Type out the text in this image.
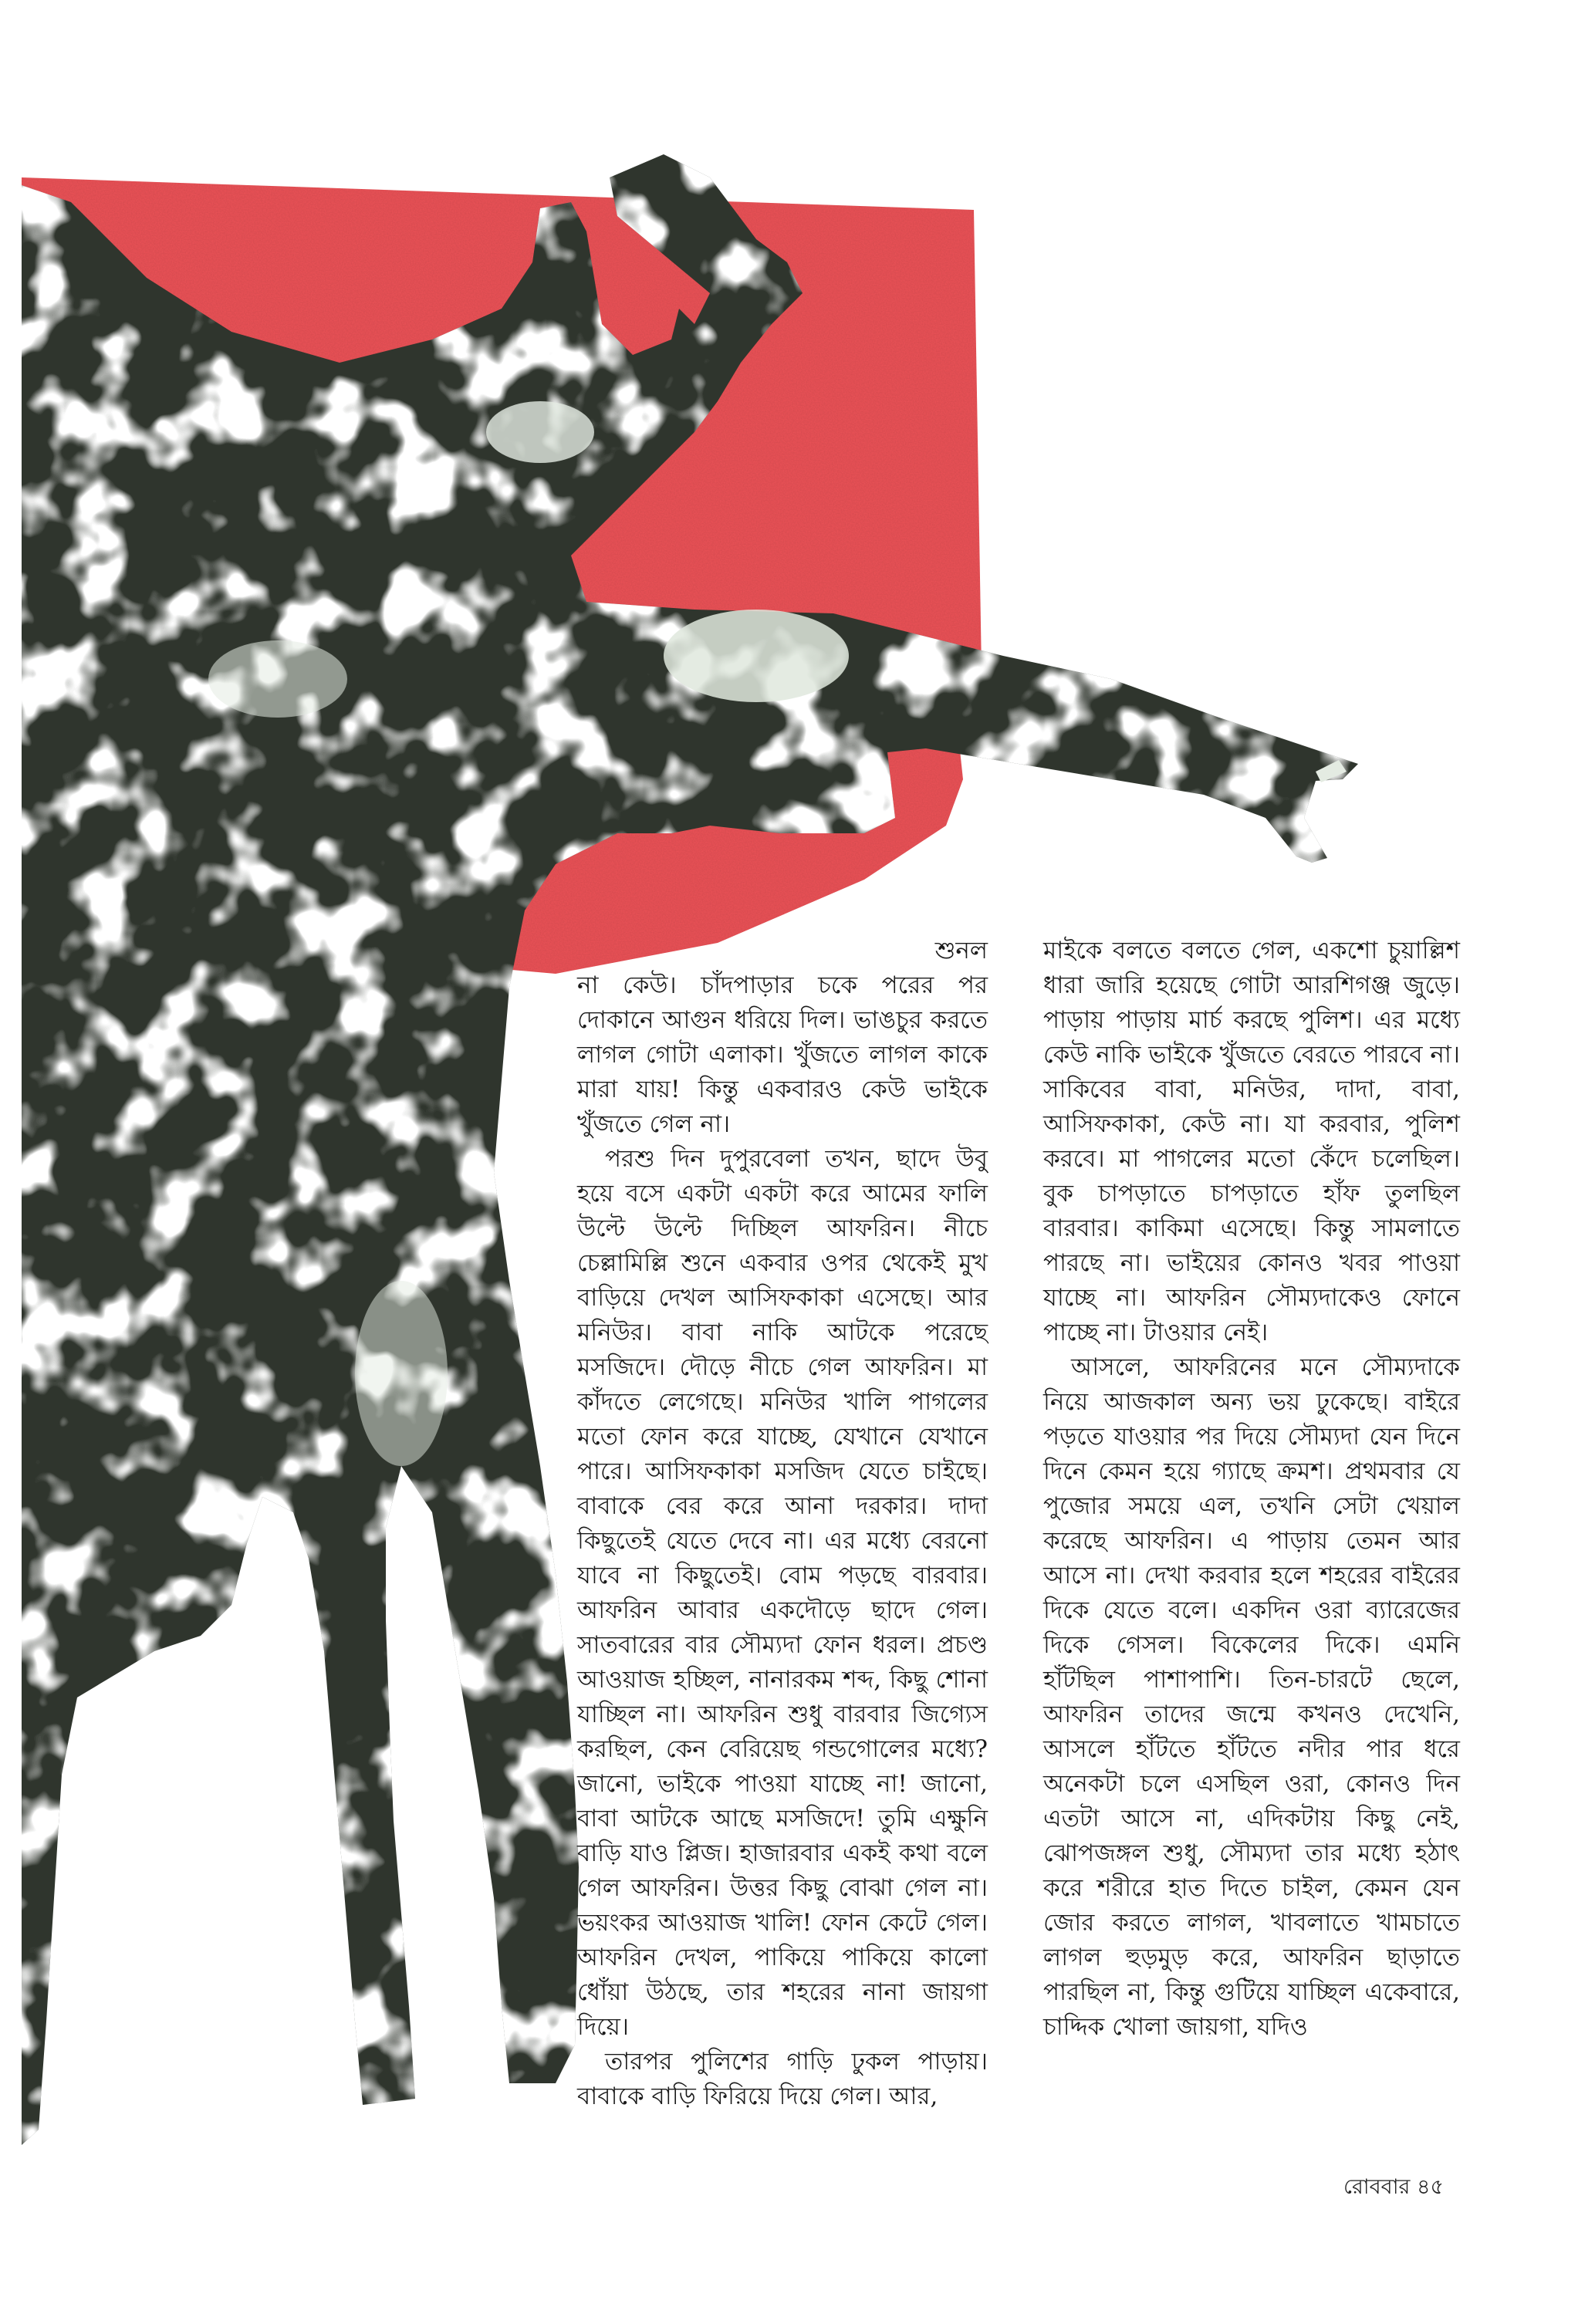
শুনল

না কেউ। চাঁদপাড়ার চকে পরের পর দোকানে আগুন ধরিয়ে দিল। ভাঙচুর করতে লাগল গোটা এলাকা। খুঁজতে লাগল কাকে মারা যায়! কিন্তু একবারও কেউ ভাইকে খুঁজতে গেল না।

পরশু দিন দুপুরবেলা তখন, ছাদে উবু হয়ে বসে একটা একটা করে আমের ফালি উল্টে উল্টে দিচ্ছিল আফরিন। নীচে চেল্লামিল্লি শুনে একবার ওপর থেকেই মুখ বাড়িয়ে দেখল আসিফকাকা এসেছে। আর মনিউর। বাবা নাকি আটকে পরেছে মসজিদে। দৌড়ে নীচে গেল আফরিন। মা কাঁদতে লেগেছে। মনিউর খালি পাগলের মতো ফোন করে যাচ্ছে, যেখানে যেখানে পারে। আসিফকাকা মসজিদ যেতে চাইছে। বাবাকে বের করে আনা দরকার। দাদা কিছুতেই যেতে দেবে না। এর মধ্যে বেরনো যাবে না কিছুতেই। বোম পড়ছে বারবার। আফরিন আবার একদৌড়ে ছাদে গেল। সাতবারের বার সৌম্যদা ফোন ধরল। প্রচণ্ড আওয়াজ হচ্ছিল, নানারকম শব্দ, কিছু শোনা যাচ্ছিল না। আফরিন শুধু বারবার জিগ্যেস করছিল, কেন বেরিয়েছ গন্ডগোলের মধ্যে? জানো, ভাইকে পাওয়া যাচ্ছে না! জানো, বাবা আটকে আছে মসজিদে! তুমি এক্ষুনি বাড়ি যাও প্লিজ। হাজারবার একই কথা বলে গেল আফরিন। উত্তর কিছু বোঝা গেল না। ভয়ংকর আওয়াজ খালি! ফোন কেটে গেল। আফরিন দেখল, পাকিয়ে পাকিয়ে কালো ধোঁয়া উঠছে, তার শহরের নানা জায়গা দিয়ে।

তারপর পুলিশের গাড়ি ঢুকল পাড়ায়। বাবাকে বাড়ি ফিরিয়ে দিয়ে গেল। আর,

মাইকে বলতে বলতে গেল, একশো চুয়াল্লিশ ধারা জারি হয়েছে গোটা আরশিগঞ্জ জুড়ে। পাড়ায় পাড়ায় মার্চ করছে পুলিশ। এর মধ্যে কেউ নাকি ভাইকে খুঁজতে বেরতে পারবে না। সাকিবের বাবা, মনিউর, দাদা, বাবা, আসিফকাকা, কেউ না। যা করবার, পুলিশ করবে। মা পাগলের মতো কেঁদে চলেছিল। বুক চাপড়াতে চাপড়াতে হাঁফ তুলছিল বারবার। কাকিমা এসেছে। কিন্তু সামলাতে পারছে না। ভাইয়ের কোনও খবর পাওয়া যাচ্ছে না। আফরিন সৌম্যদাকেও ফোনে পাচ্ছে না। টাওয়ার নেই।

আসলে, আফরিনের মনে সৌম্যদাকে নিয়ে আজকাল অন্য ভয় ঢুকেছে। বাইরে পড়তে যাওয়ার পর দিয়ে সৌম্যদা যেন দিনে দিনে কেমন হয়ে গ্যাছে ক্রমশ। প্রথমবার যে পুজোর সময়ে এল, তখনি সেটা খেয়াল করেছে আফরিন। এ পাড়ায় তেমন আর আসে না। দেখা করবার হলে শহরের বাইরের দিকে যেতে বলে। একদিন ওরা ব্যারেজের দিকে গেসল। বিকেলের দিকে। এমনি হাঁটছিল পাশাপাশি। তিন-চারটে ছেলে, আফরিন তাদের জন্মে কখনও দেখেনি, আসলে হাঁটতে হাঁটতে নদীর পার ধরে অনেকটা চলে এসছিল ওরা, কোনও দিন এতটা আসে না, এদিকটায় কিছু নেই, ঝোপজঙ্গল শুধু, সৌম্যদা তার মধ্যে হঠাৎ করে শরীরে হাত দিতে চাইল, কেমন যেন জোর করতে লাগল, খাবলাতে খামচাতে লাগল হুড়মুড় করে, আফরিন ছাড়াতে পারছিল না, কিন্তু গুটিয়ে যাচ্ছিল একেবারে, চাদ্দিক খোলা জায়গা, যদিও

রোববার ৪৫
